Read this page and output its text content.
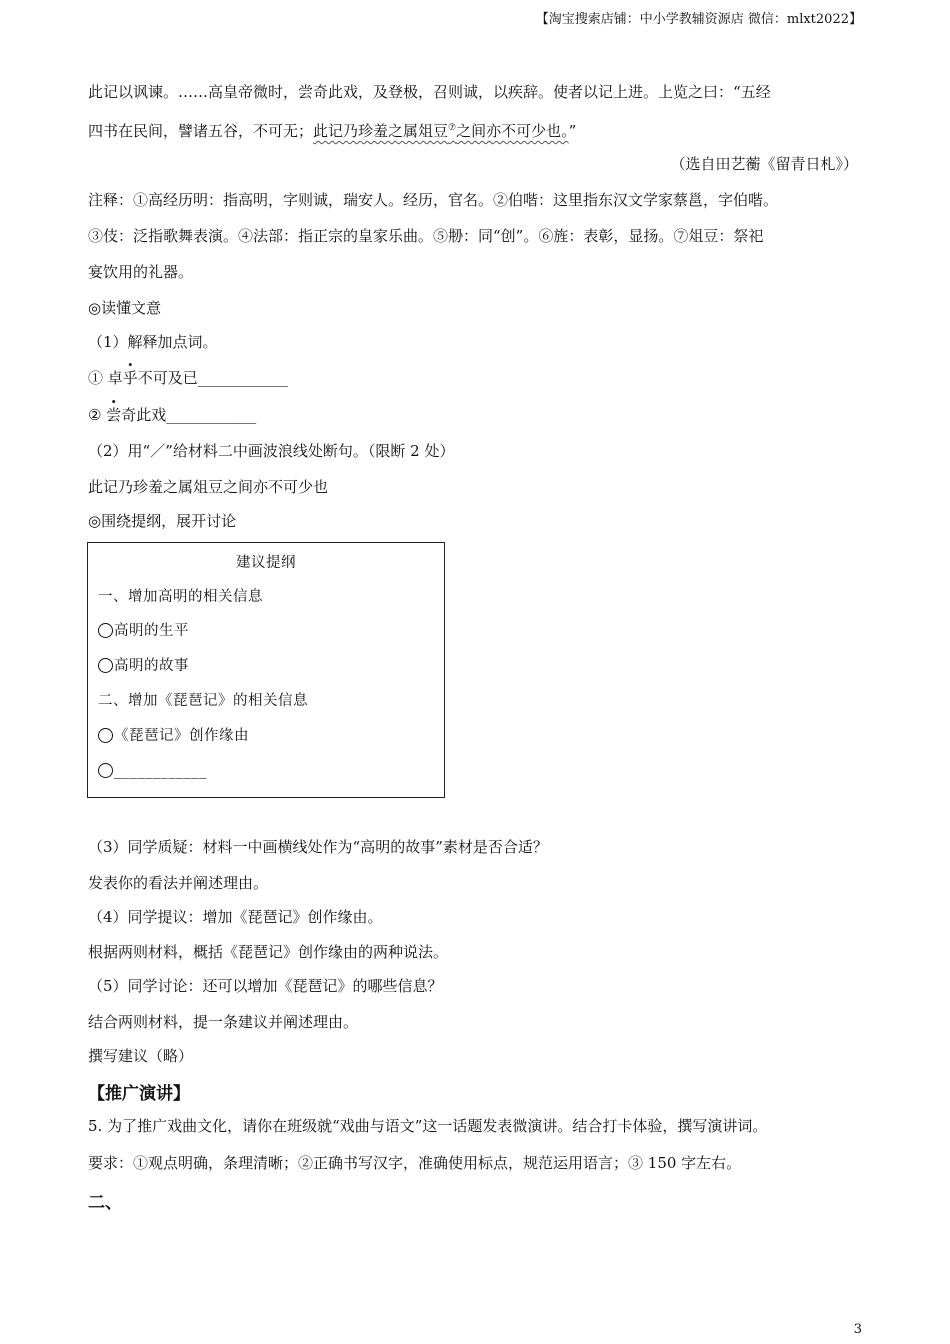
【淘宝搜索店铺：中小学教辅资源店 微信：mlxt2022】
此记以讽谏。……高皇帝微时，尝奇此戏，及登极，召则诚，以疾辞。使者以记上进。上览之曰：“五经
四书在民间，譬诸五谷，不可无；此记乃珍羞之属俎豆⑦之间亦不可少也。”
（选自田艺蘅《留青日札》）
注释：①高经历明：指高明，字则诚，瑞安人。经历，官名。②伯喈：这里指东汉文学家蔡邕，字伯喈。
③伎：泛指歌舞表演。④法部：指正宗的皇家乐曲。⑤刱：同“创”。⑥旌：表彰，显扬。⑦俎豆：祭祀
宴饮用的礼器。
◎读懂文意
（1）解释加点词。
① 卓乎不可及已____________
② 尝奇此戏____________
（2）用“／”给材料二中画波浪线处断句。（限断 2 处）
此记乃珍羞之属俎豆之间亦不可少也
◎围绕提纲，展开讨论
建议提纲
一、增加高明的相关信息
高明的生平
高明的故事
二、增加《琵琶记》的相关信息
《琵琶记》创作缘由
____________
（3）同学质疑：材料一中画横线处作为“高明的故事”素材是否合适？
发表你的看法并阐述理由。
（4）同学提议：增加《琵琶记》创作缘由。
根据两则材料，概括《琵琶记》创作缘由的两种说法。
（5）同学讨论：还可以增加《琵琶记》的哪些信息？
结合两则材料，提一条建议并阐述理由。
撰写建议（略）
【推广演讲】
5. 为了推广戏曲文化，请你在班级就“戏曲与语文”这一话题发表微演讲。结合打卡体验，撰写演讲词。
要求：①观点明确，条理清晰；②正确书写汉字，准确使用标点，规范运用语言；③ 150 字左右。
二、
3
